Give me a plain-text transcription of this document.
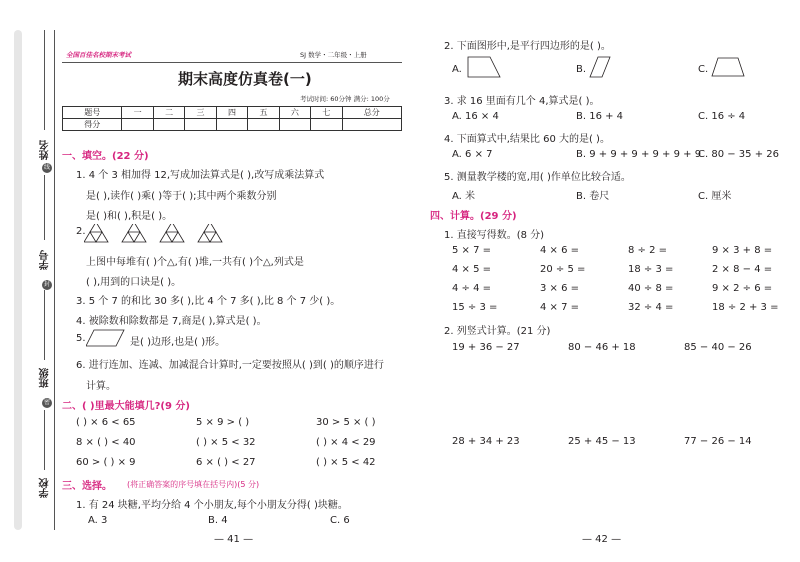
姓名
学号
班级
学校
线
封
密
全国百佳名校期末考试	SJ 数学・二年级・上册
期末高度仿真卷(一)
考试时间: 60分钟 满分: 100分
题号	一	二	三	四	五	六	七	总分
得分								
一、填空。(22 分)
1. 4 个 3 相加得 12,写成加法算式是( ),改写成乘法算式
是( ),读作( )乘( )等于( );其中两个乘数分别
是( )和( ),积是( )。
2.
上图中每堆有( )个△,有( )堆,一共有( )个△,列式是
( ),用到的口诀是( )。
3. 5 个 7 的和比 30 多( ),比 4 个 7 多( ),比 8 个 7 少( )。
4. 被除数和除数都是 7,商是( ),算式是( )。
5.	是( )边形,也是( )形。
6. 进行连加、连减、加减混合计算时,一定要按照从( )到( )的顺序进行
计算。
二、( )里最大能填几?(9 分)
( ) × 6 < 65	5 × 9 > ( )	30 > 5 × ( )
8 × ( ) < 40	( ) × 5 < 32	( ) × 4 < 29
60 > ( ) × 9	6 × ( ) < 27	( ) × 5 < 42
三、选择。 (将正确答案的序号填在括号内)(5 分)
1. 有 24 块糖,平均分给 4 个小朋友,每个小朋友分得( )块糖。
A. 3	B. 4	C. 6
— 41 —
2. 下面图形中,是平行四边形的是( )。
A.	B.	C.
3. 求 16 里面有几个 4,算式是( )。
A. 16 × 4	B. 16 + 4	C. 16 ÷ 4
4. 下面算式中,结果比 60 大的是( )。
A. 6 × 7	B. 9 + 9 + 9 + 9 + 9 + 9
C. 80 − 35 + 26
5. 测量教学楼的宽,用( )作单位比较合适。
A. 米	B. 卷尺	C. 厘米
四、计算。(29 分)
1. 直接写得数。(8 分)
5 × 7 =	4 × 6 =	8 ÷ 2 =	9 × 3 + 8 =
4 × 5 =	20 ÷ 5 =	18 ÷ 3 =	2 × 8 − 4 =
4 ÷ 4 =	3 × 6 =	40 ÷ 8 =	9 × 2 ÷ 6 =
15 ÷ 3 =	4 × 7 =	32 ÷ 4 =	18 ÷ 2 + 3 =
2. 列竖式计算。(21 分)
19 + 36 − 27	80 − 46 + 18	85 − 40 − 26
28 + 34 + 23	25 + 45 − 13	77 − 26 − 14
— 42 —
